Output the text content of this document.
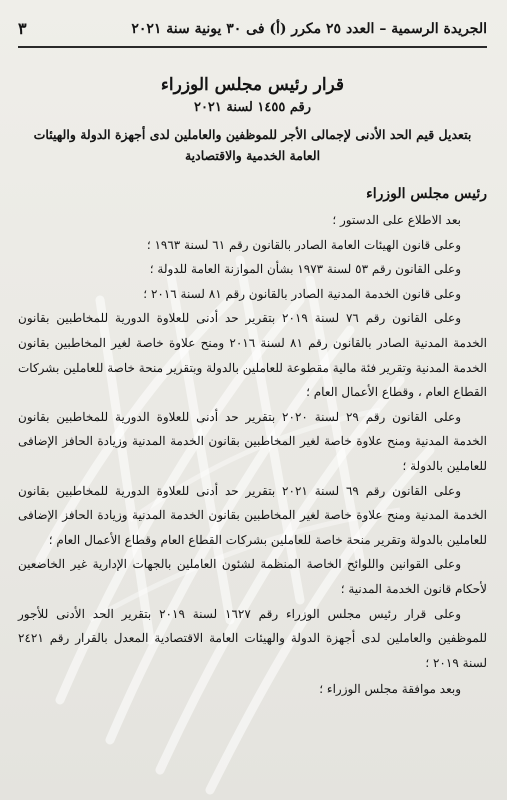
الجريدة الرسمية – العدد ٢٥ مكرر (أ) فى ٣٠ يونية سنة ٢٠٢١
٣
قرار رئيس مجلس الوزراء
رقم ١٤٥٥ لسنة ٢٠٢١
بتعديل قيم الحد الأدنى لإجمالى الأجر للموظفين والعاملين لدى أجهزة الدولة والهيئات العامة الخدمية والاقتصادية
رئيس مجلس الوزراء

بعد الاطلاع على الدستور ؛

وعلى قانون الهيئات العامة الصادر بالقانون رقم ٦١ لسنة ١٩٦٣ ؛

وعلى القانون رقم ٥٣ لسنة ١٩٧٣ بشأن الموازنة العامة للدولة ؛

وعلى قانون الخدمة المدنية الصادر بالقانون رقم ٨١ لسنة ٢٠١٦ ؛

وعلى القانون رقم ٧٦ لسنة ٢٠١٩ بتقرير حد أدنى للعلاوة الدورية للمخاطبين بقانون الخدمة المدنية الصادر بالقانون رقم ٨١ لسنة ٢٠١٦ ومنح علاوة خاصة لغير المخاطبين بقانون الخدمة المدنية وتقرير فئة مالية مقطوعة للعاملين بالدولة وبتقرير منحة خاصة للعاملين بشركات القطاع العام ، وقطاع الأعمال العام ؛

وعلى القانون رقم ٢٩ لسنة ٢٠٢٠ بتقرير حد أدنى للعلاوة الدورية للمخاطبين بقانون الخدمة المدنية ومنح علاوة خاصة لغير المخاطبين بقانون الخدمة المدنية وزيادة الحافز الإضافى للعاملين بالدولة ؛

وعلى القانون رقم ٦٩ لسنة ٢٠٢١ بتقرير حد أدنى للعلاوة الدورية للمخاطبين بقانون الخدمة المدنية ومنح علاوة خاصة لغير المخاطبين بقانون الخدمة المدنية وزيادة الحافز الإضافى للعاملين بالدولة وتقرير منحة خاصة للعاملين بشركات القطاع العام وقطاع الأعمال العام ؛

وعلى القوانين واللوائح الخاصة المنظمة لشئون العاملين بالجهات الإدارية غير الخاضعين لأحكام قانون الخدمة المدنية ؛

وعلى قرار رئيس مجلس الوزراء رقم ١٦٢٧ لسنة ٢٠١٩ بتقرير الحد الأدنى للأجور للموظفين والعاملين لدى أجهزة الدولة والهيئات العامة الاقتصادية المعدل بالقرار رقم ٢٤٢١ لسنة ٢٠١٩ ؛

وبعد موافقة مجلس الوزراء ؛
